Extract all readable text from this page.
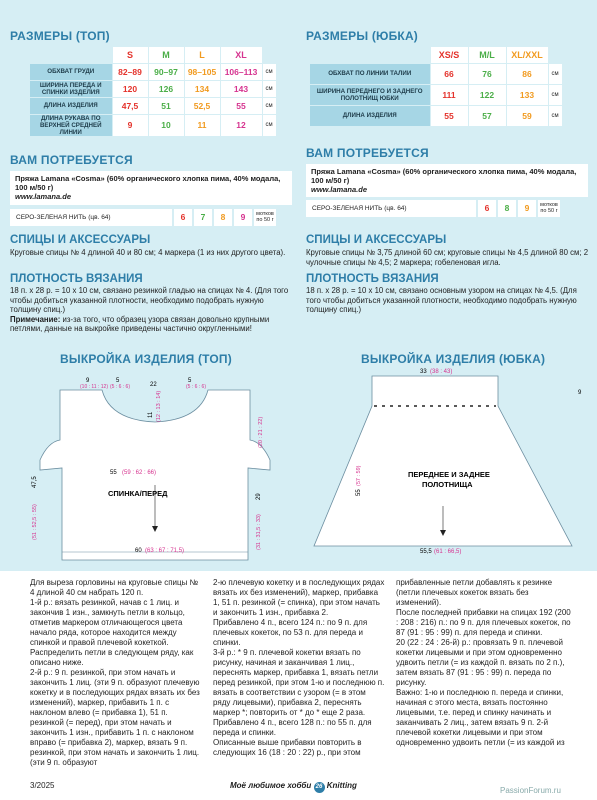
РАЗМЕРЫ (ТОП)
	S	M	L	XL	
ОБХВАТ ГРУДИ	82–89	90–97	98–105	106–113	см
ШИРИНА ПЕРЕДА И СПИНКИ ИЗДЕЛИЯ	120	126	134	143	см
ДЛИНА ИЗДЕЛИЯ	47,5	51	52,5	55	см
ДЛИНА РУКАВА ПО ВЕРХНЕЙ СРЕДНЕЙ ЛИНИИ	9	10	11	12	см
РАЗМЕРЫ (ЮБКА)
	XS/S	M/L	XL/XXL	
ОБХВАТ ПО ЛИНИИ ТАЛИИ	66	76	86	см
ШИРИНА ПЕРЕДНЕГО И ЗАДНЕГО ПОЛОТНИЩ ЮБКИ	111	122	133	см
ДЛИНА ИЗДЕЛИЯ	55	57	59	см
ВАМ ПОТРЕБУЕТСЯ
Пряжа Lamana «Cosma» (60% органического хлопка пима, 40% модала, 100 м/50 г)
www.lamana.de
СЕРО-ЗЕЛЕНАЯ НИТЬ (цв. 64)	6	7	8	9	мотков по 50 г
ВАМ ПОТРЕБУЕТСЯ
Пряжа Lamana «Cosma» (60% органического хлопка пима, 40% модала, 100 м/50 г)
www.lamana.de
СЕРО-ЗЕЛЕНАЯ НИТЬ (цв. 64)	6	8	9	мотков по 50 г
СПИЦЫ И АКСЕССУАРЫ
Круговые спицы № 4 длиной 40 и 80 см; 4 маркера (1 из них другого цвета).
СПИЦЫ И АКСЕССУАРЫ
Круговые спицы № 3,75 длиной 60 см; круговые спицы № 4,5 длиной 80 см; 2 чулочные спицы № 4,5; 2 маркера; гобеленовая игла.
ПЛОТНОСТЬ ВЯЗАНИЯ
18 п. х 28 р. = 10 х 10 см, связано резинкой гладью на спицах № 4. (Для того чтобы добиться указанной плотности, необходимо подобрать нужную толщину спиц.)
Примечание: из-за того, что образец узора связан довольно крупными петлями, данные на выкройке приведены частично округленными!
ПЛОТНОСТЬ ВЯЗАНИЯ
18 п. х 28 р. = 10 х 10 см, связано основным узором на спицах № 4,5. (Для того чтобы добиться указанной плотности, необходимо подобрать нужную толщину спиц.)
ВЫКРОЙКА ИЗДЕЛИЯ (ТОП)	ВЫКРОЙКА ИЗДЕЛИЯ (ЮБКА)
СПИНКА/ПЕРЕД
9
(10 : 11 : 12)
5
(5 : 6 : 6)	22
5
(5 : 6 : 6)
(12 : 13 : 14)
11
(20 : 21 : 22)
(59 : 62 : 66)
55
(51 : 52,5 : 55)
47,5
(31 : 31,5 : 33)
29
60 (63 : 67 : 71,5)
33 (38 : 43)
9
55
(57 : 59)	ПЕРЕДНЕЕ И ЗАДНЕЕ
ПОЛОТНИЩА
55,5 (61 : 66,5)

Для выреза горловины на круговые спицы № 4 длиной 40 см набрать 120 п.

1-й р.: вязать резинкой, начав с 1 лиц. и закончив 1 изн., замкнуть петли в кольцо, отметив маркером отличающегося цвета начало ряда, которое находится между спинкой и правой плечевой кокеткой.

Распределить петли в следующем ряду, как описано ниже.

2-й р.: 9 п. резинкой, при этом начать и закончить 1 лиц. (эти 9 п. образуют плечевую кокетку и в последующих рядах вязать их без изменений), маркер, прибавить 1 п. с наклоном влево (= прибавка 1), 51 п. резинкой (= перед), при этом начать и закончить 1 изн., прибавить 1 п. с наклоном вправо (= прибавка 2), маркер, вязать 9 п. резинкой, при этом начать и закончить 1 лиц. (эти 9 п. образуют

2-ю плечевую кокетку и в последующих рядах вязать их без изменений), маркер, прибавка 1, 51 п. резинкой (= спинка), при этом начать и закончить 1 изн., прибавка 2.

Прибавлено 4 п., всего 124 п.: по 9 п. для плечевых кокеток, по 53 п. для переда и спинки.

3-й р.: * 9 п. плечевой кокетки вязать по рисунку, начиная и заканчивая 1 лиц., переснять маркер, прибавка 1, вязать петли перед резинкой, при этом 1-ю и последнюю п. вязать в соответствии с узором (= в этом ряду лицевыми), прибавка 2, переснять маркер *; повторить от * до * еще 2 раза. Прибавлено 4 п., всего 128 п.: по 55 п. для переда и спинки.

Описанные выше прибавки повторить в следующих 16 (18 : 20 : 22) р., при этом

прибавленные петли добавлять к резинке (петли плечевых кокеток вязать без изменений).

После последней прибавки на спицах 192 (200 : 208 : 216) п.: по 9 п. для плечевых кокеток, по 87 (91 : 95 : 99) п. для переда и спинки.

20 (22 : 24 : 26-й) р.: провязать 9 п. плечевой кокетки лицевыми и при этом одновременно удвоить петли (= из каждой п. вязать по 2 п.), затем вязать 87 (91 : 95 : 99) п. переда по рисунку.

Важно: 1-ю и последнюю п. переда и спинки, начиная с этого места, вязать постоянно лицевыми, т.е. перед и спинку начинать и заканчивать 2 лиц., затем вязать 9 п. 2-й плечевой кокетки лицевыми и при этом одновременно удвоить петли (= из каждой из

3/2025	Моё любимое хобби 26 Knitting
PassionForum.ru
